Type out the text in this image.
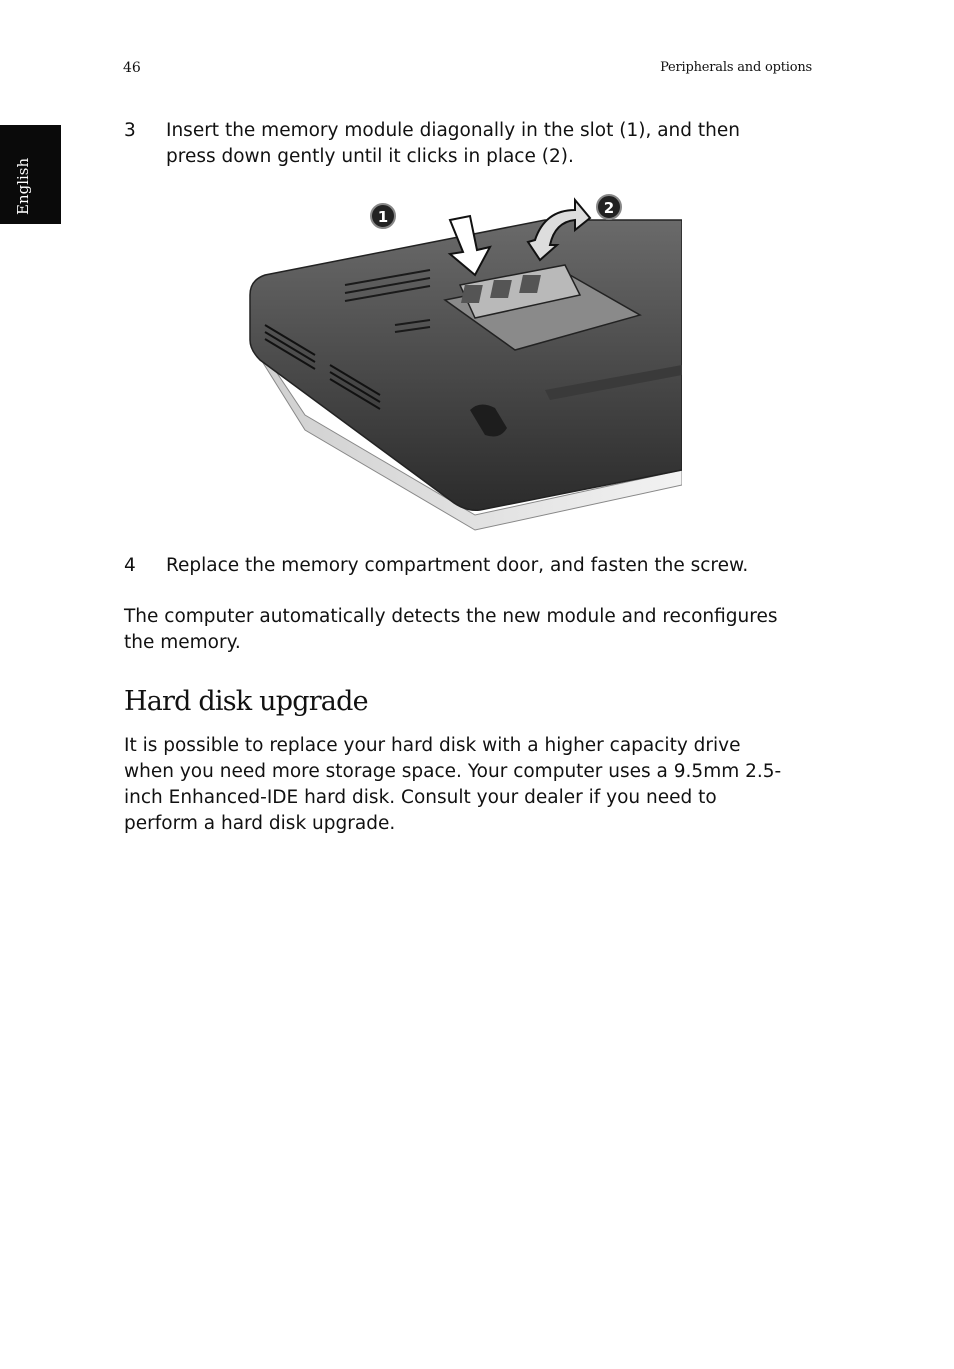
46	Peripherals and options
English
3 Insert the memory module diagonally in the slot (1), and then
press down gently until it clicks in place (2).
1	2
4 Replace the memory compartment door, and fasten the screw.
The computer automatically detects the new module and reconfigures
the memory.
Hard disk upgrade
It is possible to replace your hard disk with a higher capacity drive
when you need more storage space. Your computer uses a 9.5mm 2.5-
inch Enhanced-IDE hard disk. Consult your dealer if you need to
perform a hard disk upgrade.
